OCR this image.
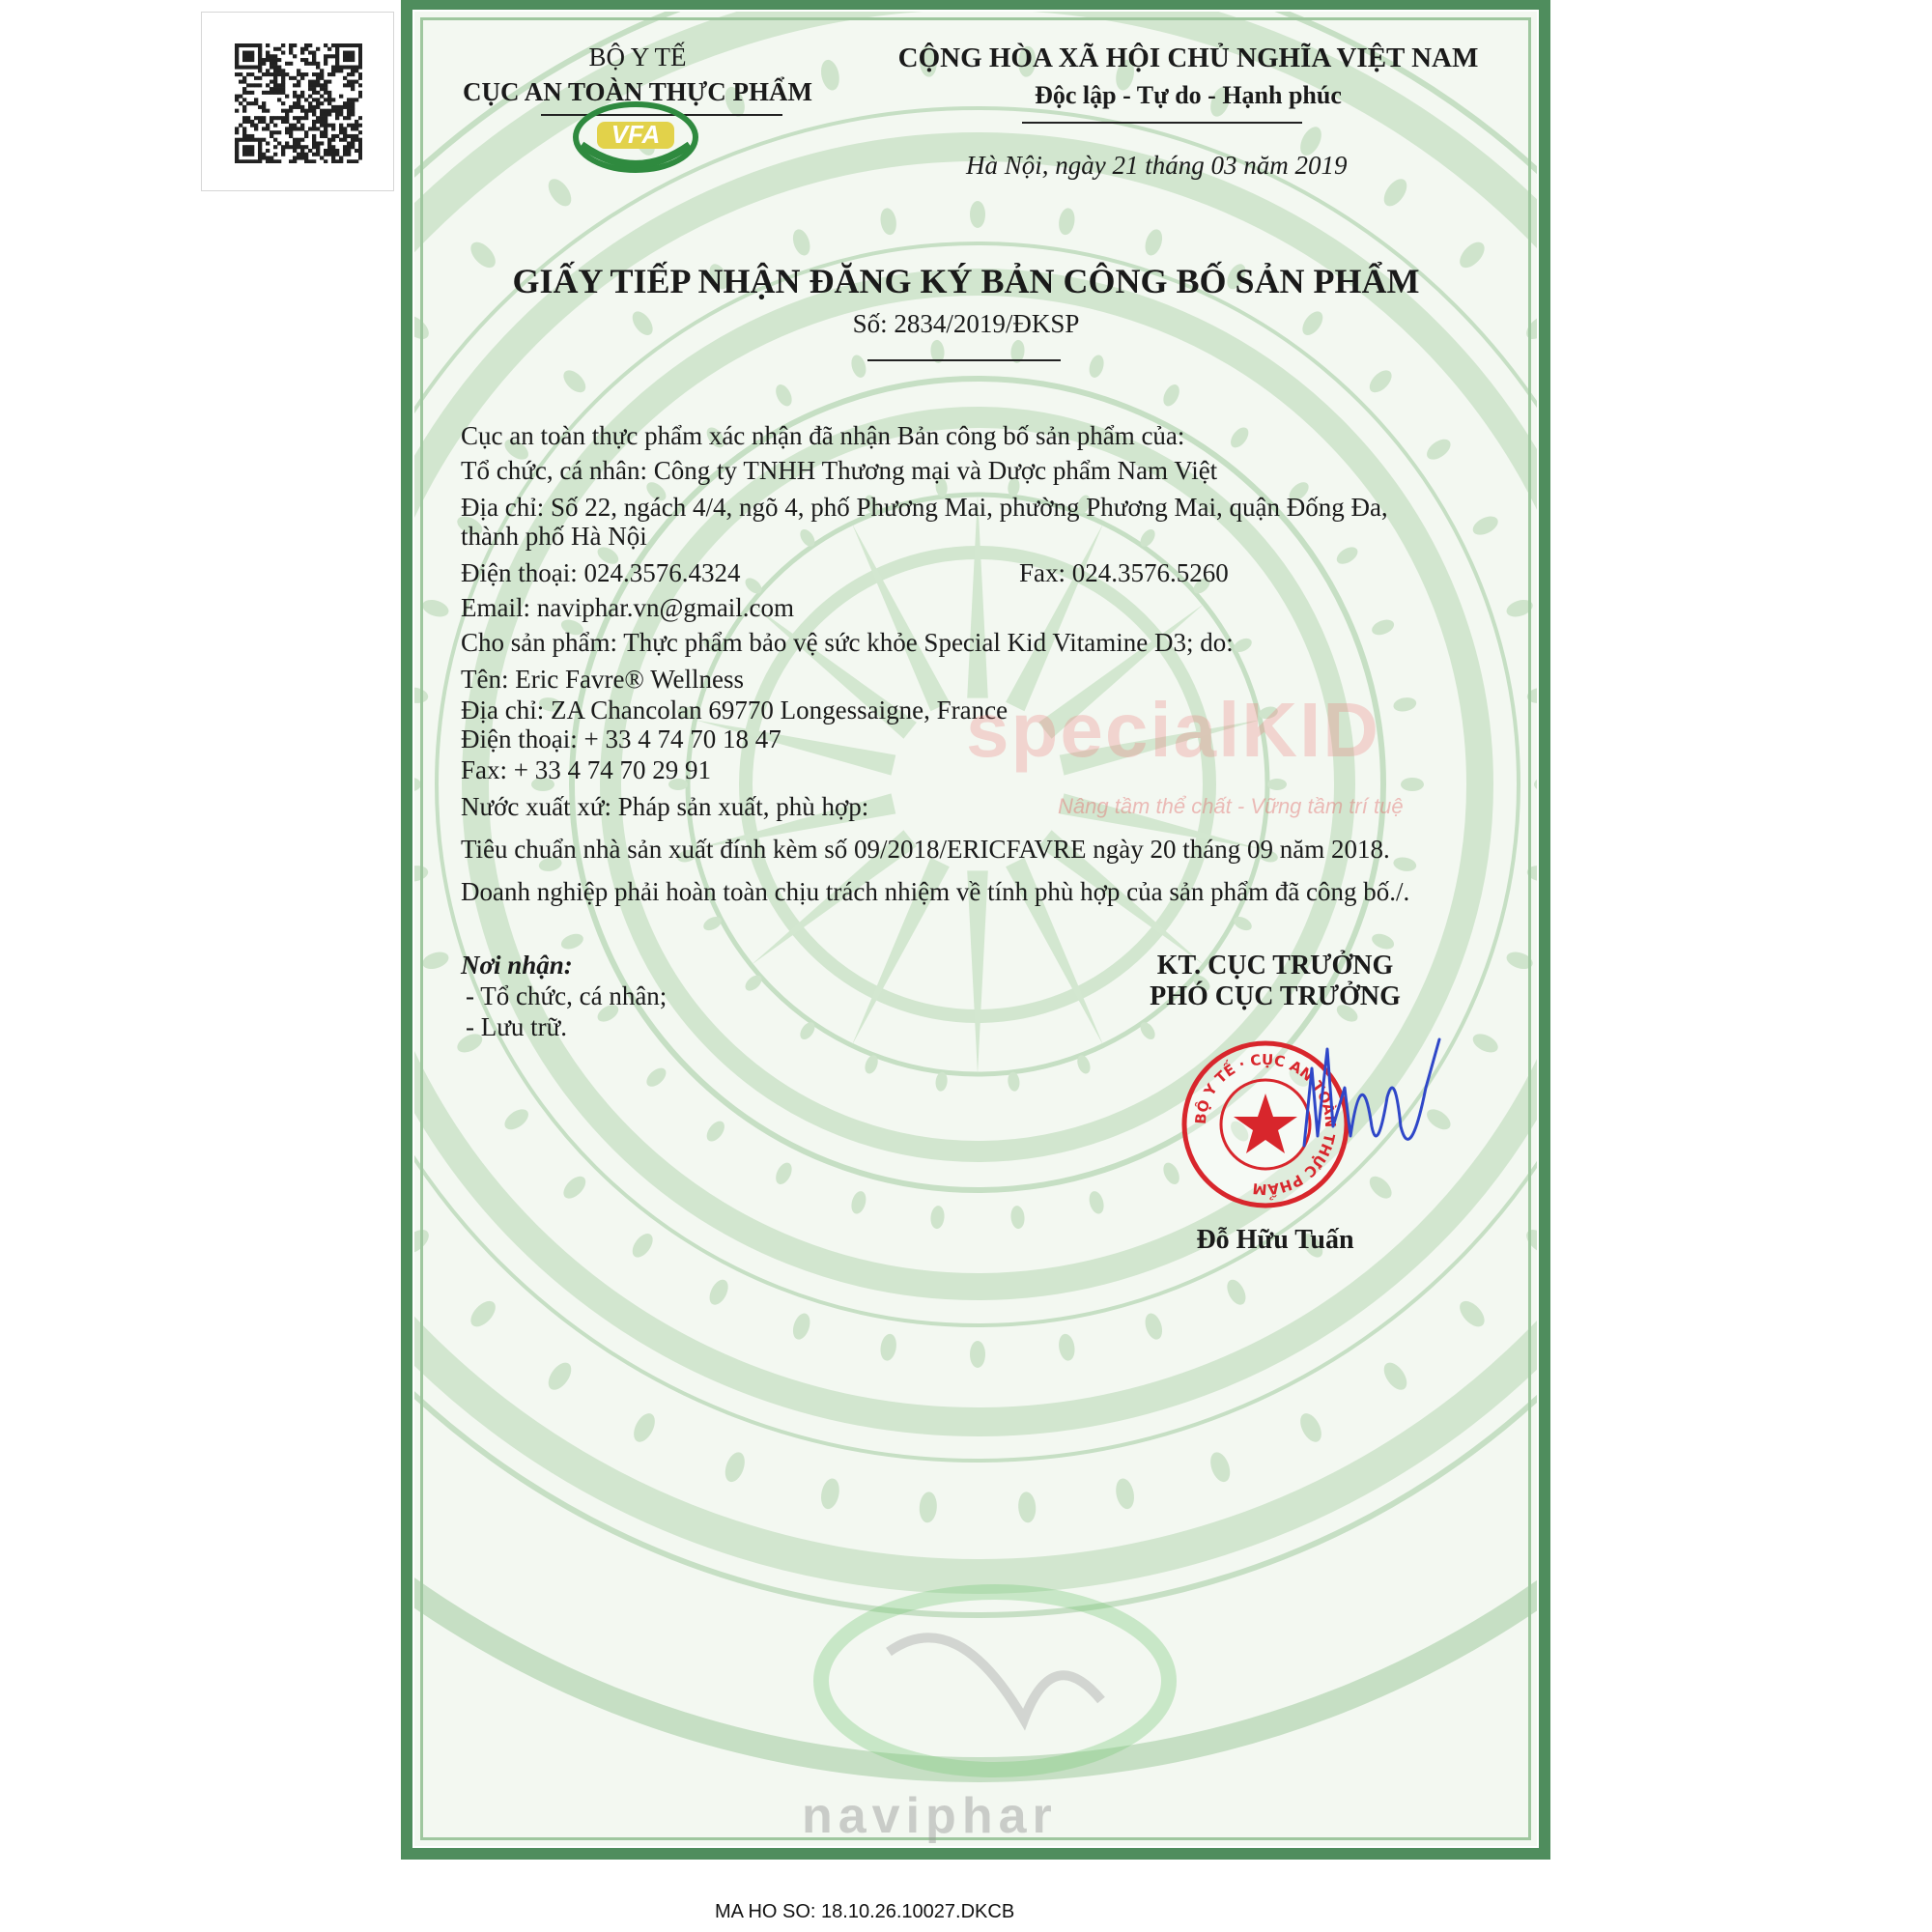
BỘ Y TẾ
CỤC AN TOÀN THỰC PHẨM
VFA
CỘNG HÒA XÃ HỘI CHỦ NGHĨA VIỆT NAM
Độc lập - Tự do - Hạnh phúc
Hà Nội, ngày 21 tháng 03 năm 2019
GIẤY TIẾP NHẬN ĐĂNG KÝ BẢN CÔNG BỐ SẢN PHẨM
Số: 2834/2019/ĐKSP
Cục an toàn thực phẩm xác nhận đã nhận Bản công bố sản phẩm của:
Tổ chức, cá nhân: Công ty TNHH Thương mại và Dược phẩm Nam Việt
Địa chỉ: Số 22, ngách 4/4, ngõ 4, phố Phương Mai, phường Phương Mai, quận Đống Đa,
thành phố Hà Nội
Điện thoại: 024.3576.4324	Fax: 024.3576.5260
Email: naviphar.vn@gmail.com
Cho sản phẩm: Thực phẩm bảo vệ sức khỏe Special Kid Vitamine D3; do:
Tên: Eric Favre® Wellness
Địa chỉ: ZA Chancolan 69770 Longessaigne, France
Điện thoại: + 33 4 74 70 18 47
Fax: + 33 4 74 70 29 91
Nước xuất xứ: Pháp sản xuất, phù hợp:
Tiêu chuẩn nhà sản xuất đính kèm số 09/2018/ERICFAVRE ngày 20 tháng 09 năm 2018.
Doanh nghiệp phải hoàn toàn chịu trách nhiệm về tính phù hợp của sản phẩm đã công bố./.
specialKID
Nâng tầm thể chất - Vững tầm trí tuệ
Nơi nhận:
- Tổ chức, cá nhân;
- Lưu trữ.
KT. CỤC TRƯỞNG
PHÓ CỤC TRƯỞNG
BỘ Y TẾ · CỤC AN TOÀN THỰC PHẨM
Đỗ Hữu Tuấn
naviphar
MA HO SO: 18.10.26.10027.DKCB
